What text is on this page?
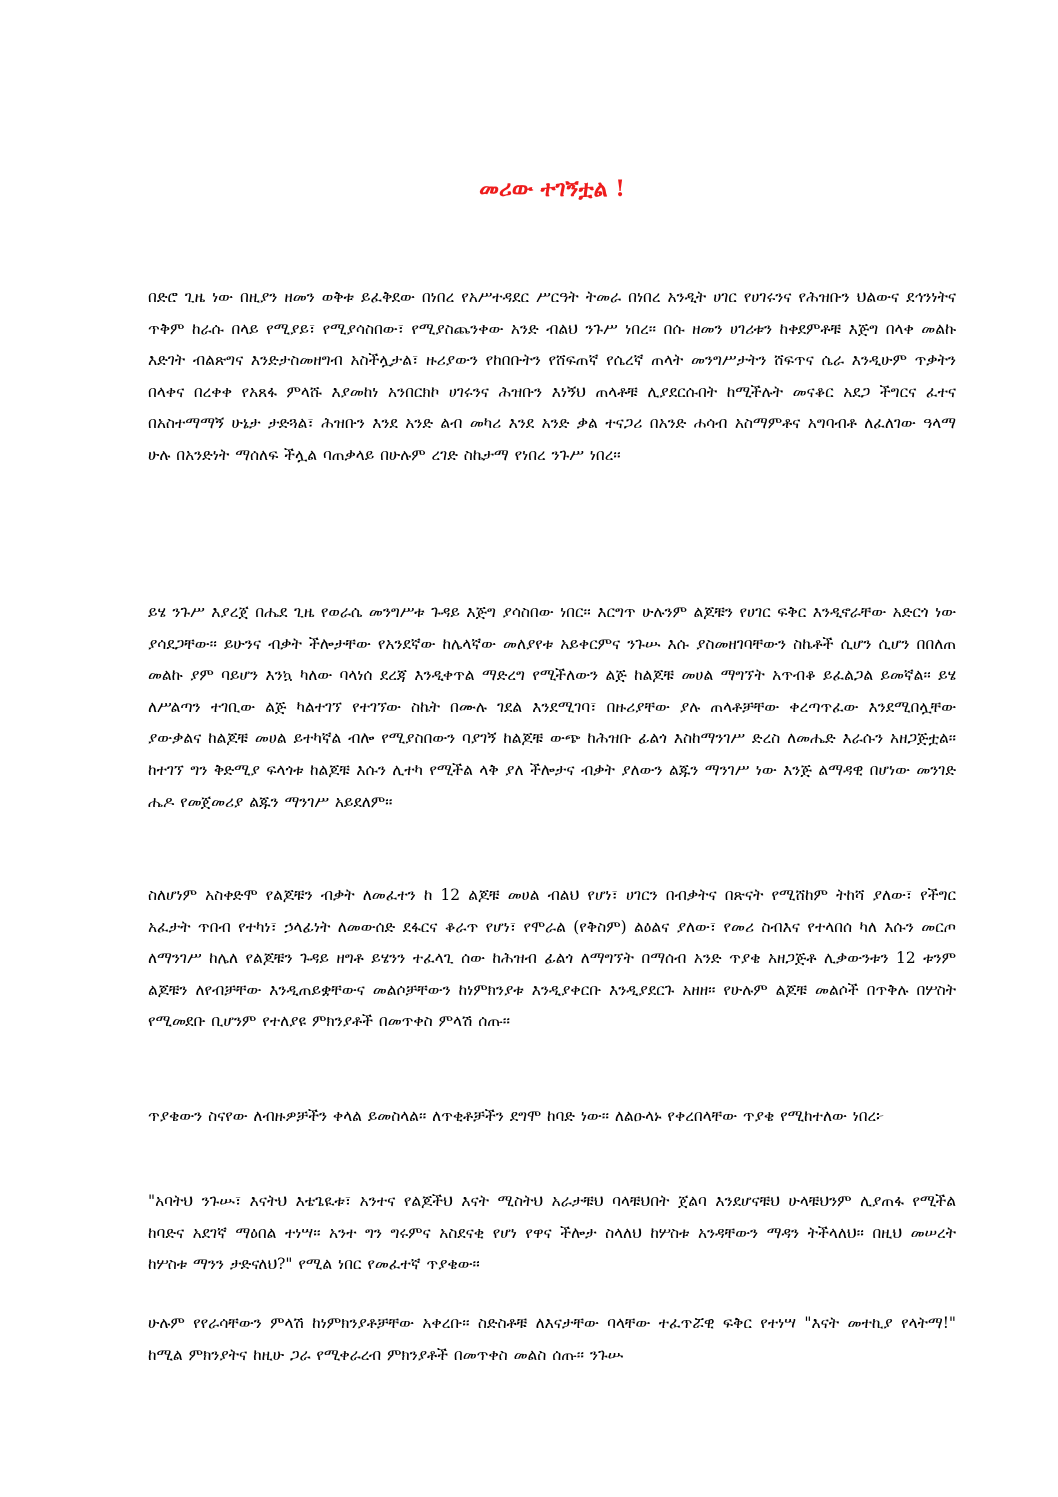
መሪው ተገኝቷል !

በድሮ ጊዜ ነው በዚያን ዘመን ወቅቱ ይፈቅደው በነበረ የአሥተዳደር ሥርዓት ትመራ በነበረ አንዲት ሀገር የሀገሩንና የሕዝቡን ህልውና ደኅንነትና ጥቅም ከራሱ በላይ የሚያይ፣ የሚያሳስበው፣ የሚያስጨንቀው አንድ ብልህ ንጉሥ ነበረ፡፡ በሱ ዘመን ሀገሪቱን ከቀደምቶቹ እጅግ በላቀ መልኩ እድገት ብልጽግና እንድታስመዘግብ አስችሏታል፣ ዙሪያውን የከበቡትን የሸፍጠኛ የሴረኛ ጠላት መንግሥታትን ሸፍጥና ሴራ እንዲሁም ጥቃትን በላቀና በረቀቀ የአጸፋ ምላሹ እያመከነ አንበርክኮ ሀገሩንና ሕዝቡን እነኝህ ጠላቶቹ ሊያደርሱበት ከሚችሉት መናቆር አደጋ ችግርና ፈተና በአስተማማኝ ሁኔታ ታድጓል፣ ሕዝቡን እንደ አንድ ልብ መካሪ እንደ አንድ ቃል ተናጋሪ በአንድ ሐሳብ አስማምቶና አግባብቶ ለፈለገው ዓላማ ሁሉ በአንድነት ማሰለፍ ችሏል ባጠቃላይ በሁሉም ረገድ ስኬታማ የነበረ ንጉሥ ነበረ፡፡

ይሄ ንጉሥ እያረጀ በሔደ ጊዜ የወራሴ መንግሥቱ ጉዳይ እጅግ ያሳስበው ነበር፡፡ እርግጥ ሁሉንም ልጆቹን የሀገር ፍቅር እንዲኖራቸው አድርጎ ነው ያሳደጋቸው፡፡ ይሁንና ብቃት ችሎታቸው የአንደኛው ከሌላኛው መለያየቱ አይቀርምና ንጉሡ እሱ ያስመዘገባቸውን ስኬቶች ሲሆን ሲሆን በበለጠ መልኩ ያም ባይሆን እንኳ ካለው ባላነሰ ደረጃ እንዲቀጥል ማድረግ የሚችለውን ልጅ ከልጆቹ መሀል ማግኘት አጥብቆ ይፈልጋል ይመኛል፡፡ ይሄ ለሥልጣን ተገቢው ልጅ ካልተገኘ የተገኘው ስኬት በሙሉ ገደል እንደሚገባ፣ በዙሪያቸው ያሉ ጠላቶቻቸው ቀረጣጥፈው እንደሚበሏቸው ያውቃልና ከልጆቹ መሀል ይተካኛል ብሎ የሚያስበውን ባያገኝ ከልጆቹ ውጭ ከሕዝቡ ፊልጎ እስከማንገሥ ድረስ ለመሔድ እራሱን አዘጋጅቷል፡፡ ከተገኘ ግን ቅድሚያ ፍላጎቱ ከልጆቹ እሱን ሊተካ የሚችል ላቅ ያለ ችሎታና ብቃት ያለውን ልጁን ማንገሥ ነው እንጅ ልማዳዊ በሆነው መንገድ ሔዶ የመጀመሪያ ልጁን ማንገሥ አይደለም፡፡

ስለሆነም አስቀድሞ የልጆቹን ብቃት ለመፈተን ከ 12 ልጆቹ መሀል ብልህ የሆነ፣ ሀገርን በብቃትና በጽናት የሚሸከም ትከሻ ያለው፣ የችግር አፈታት ጥበብ የተካነ፣ ኃላፊነት ለመውሰድ ደፋርና ቆራጥ የሆነ፣ የሞራል (የቅስም) ልዕልና ያለው፣ የመሪ ስብእና የተላበሰ ካለ እሱን መርጦ ለማንገሥ ከሌለ የልጆቹን ጉዳይ ዘግቶ ይሄንን ተፈላጊ ሰው ከሕዝብ ፊልጎ ለማግኘት በማሰብ አንድ ጥያቄ አዘጋጅቶ ሊቃውንቱን 12 ቱንም ልጆቹን ለየብቻቸው እንዲጠይቋቸውና መልሶቻቸውን ከነምክንያቱ እንዲያቀርቡ እንዲያደርጉ አዘዘ፡፡ የሁሉም ልጆቹ መልሶች በጥቅሉ በሦስት የሚመደቡ ቢሆንም የተለያዩ ምክንያቶች በመጥቀስ ምላሽ ሰጡ፡፡

ጥያቄውን ስናየው ለብዙዎቻችን ቀላል ይመስላል፡፡ ለጥቂቶቻችን ደግሞ ከባድ ነው፡፡ ለልዑላኑ የቀረበላቸው ጥያቄ የሚከተለው ነበረ፦

"አባትህ ንጉሡ፣ እናትህ እቴጌዪቱ፣ አንተና የልጆችህ እናት ሚስትህ አራታቹህ ባላቹህበት ጀልባ እንደሆናቹህ ሁላቹህንም ሊያጠፋ የሚችል ከባድና አደገኛ ማዕበል ተነሣ፡፡ አንተ ግን ግሩምና አስደናቂ የሆነ የዋና ችሎታ ስላለህ ከሦስቱ አንዳቸውን ማዳን ትችላለህ፡፡ በዚህ መሠረት ከሦስቱ ማንን ታድናለህ?" የሚል ነበር የመፈተኛ ጥያቄው፡፡

ሁሉም የየራሳቸውን ምላሽ ከነምክንያቶቻቸው አቀረቡ፡፡ ስድስቶቹ ለእናታቸው ባላቸው ተፈጥሯዊ ፍቅር የተነሣ "እናት መተኪያ የላትማ!" ከሚል ምክንያትና ከዚሁ ጋራ የሚቀራረብ ምክንያቶች በመጥቀስ መልስ ሰጡ፡፡ ንጉሡ
